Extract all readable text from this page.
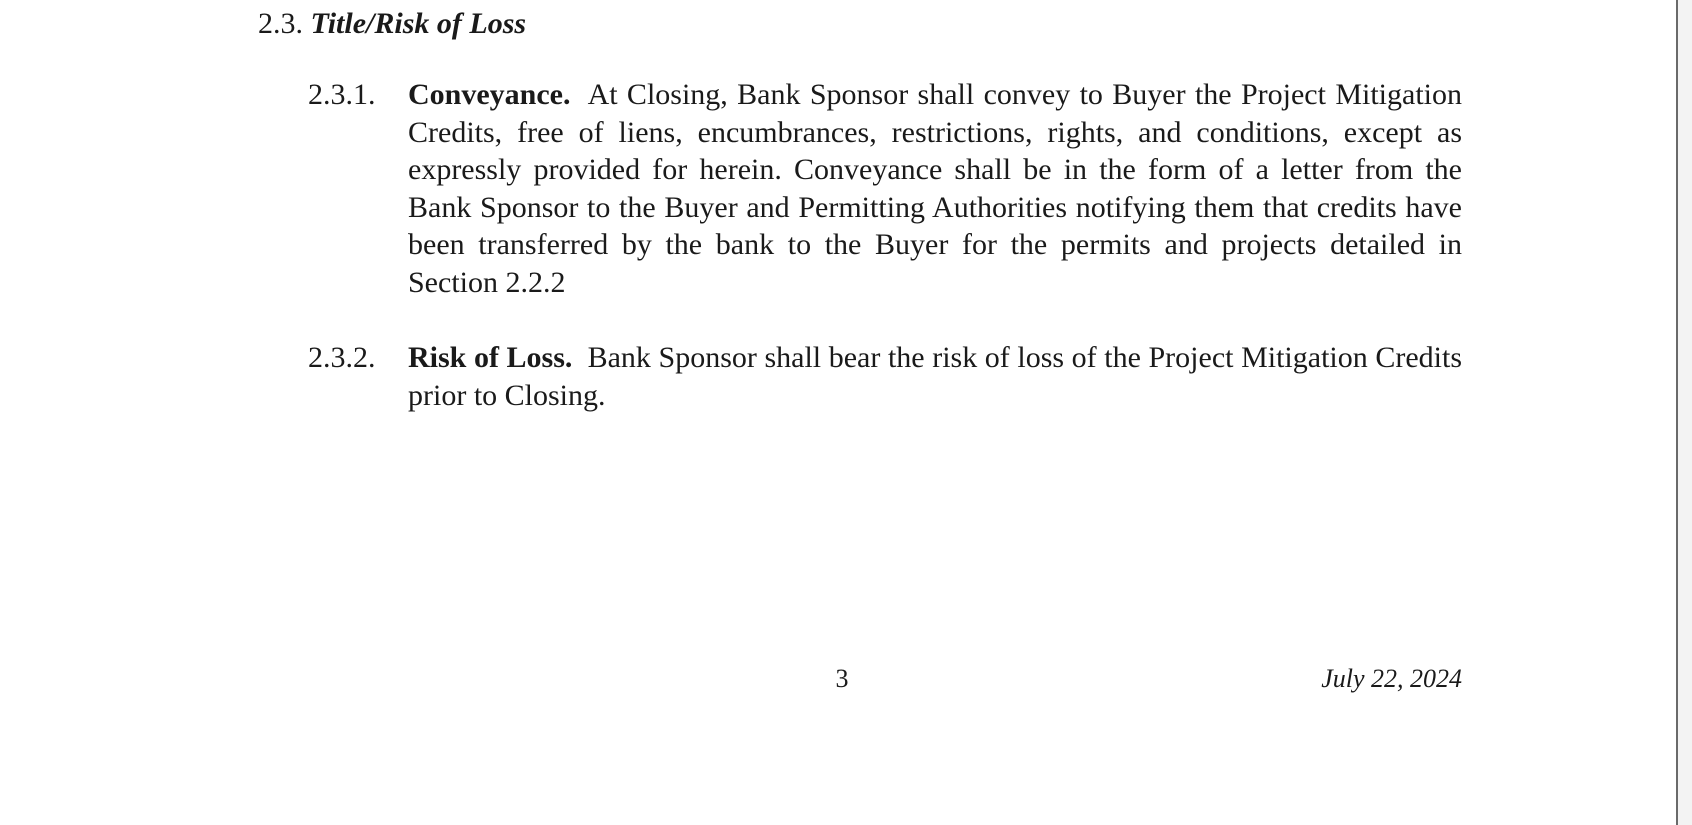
2.3. Title/Risk of Loss
2.3.1.	Conveyance. At Closing, Bank Sponsor shall convey to Buyer the Project Mitigation Credits, free of liens, encumbrances, restrictions, rights, and conditions, except as expressly provided for herein. Conveyance shall be in the form of a letter from the Bank Sponsor to the Buyer and Permitting Authorities notifying them that credits have been transferred by the bank to the Buyer for the permits and projects detailed in Section 2.2.2
2.3.2.	Risk of Loss. Bank Sponsor shall bear the risk of loss of the Project Mitigation Credits prior to Closing.
3	July 22, 2024
